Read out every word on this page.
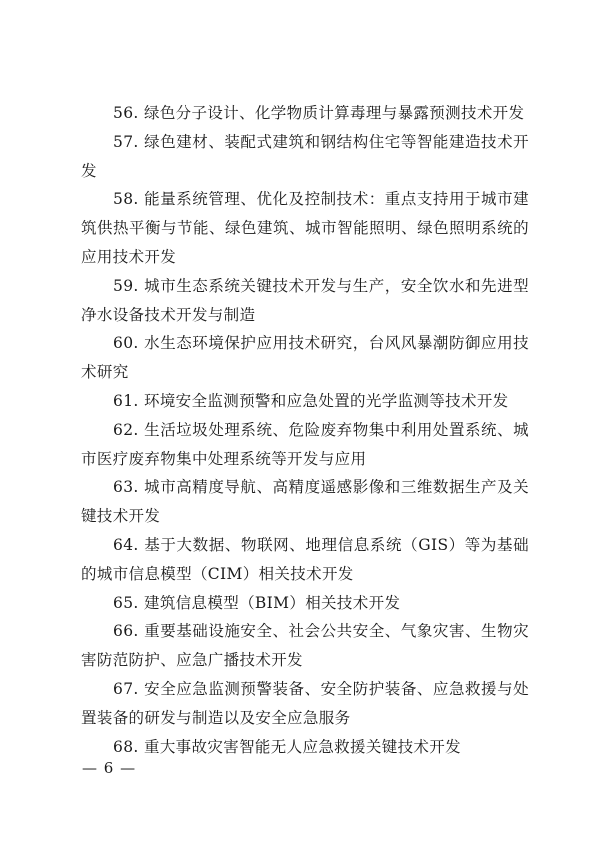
56. 绿色分子设计、化学物质计算毒理与暴露预测技术开发

57. 绿色建材、装配式建筑和钢结构住宅等智能建造技术开发

58. 能量系统管理、优化及控制技术：重点支持用于城市建筑供热平衡与节能、绿色建筑、城市智能照明、绿色照明系统的应用技术开发

59. 城市生态系统关键技术开发与生产，安全饮水和先进型净水设备技术开发与制造

60. 水生态环境保护应用技术研究，台风风暴潮防御应用技术研究

61. 环境安全监测预警和应急处置的光学监测等技术开发

62. 生活垃圾处理系统、危险废弃物集中利用处置系统、城市医疗废弃物集中处理系统等开发与应用

63. 城市高精度导航、高精度遥感影像和三维数据生产及关键技术开发

64. 基于大数据、物联网、地理信息系统（GIS）等为基础的城市信息模型（CIM）相关技术开发

65. 建筑信息模型（BIM）相关技术开发

66. 重要基础设施安全、社会公共安全、气象灾害、生物灾害防范防护、应急广播技术开发

67. 安全应急监测预警装备、安全防护装备、应急救援与处置装备的研发与制造以及安全应急服务

68. 重大事故灾害智能无人应急救援关键技术开发

— 6 —
